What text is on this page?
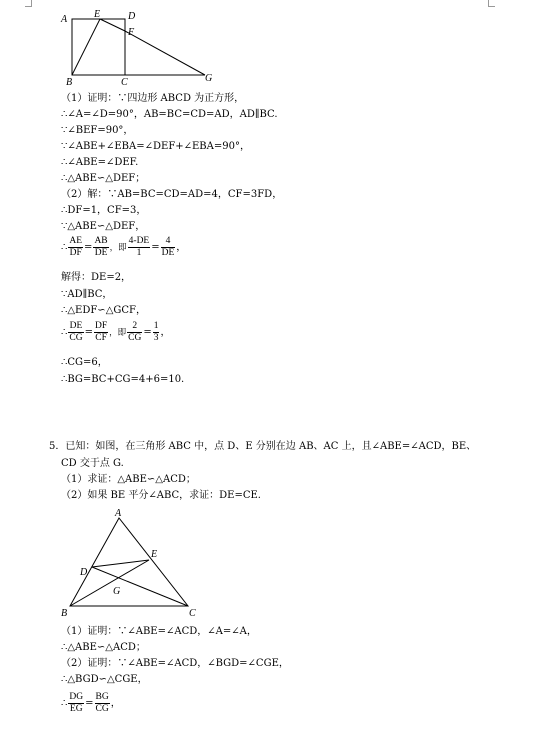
A	E	D
F
B	C	G
（1）证明：∵四边形 ABCD 为正方形，
∴∠A=∠D=90°，AB=BC=CD=AD，AD∥BC.
∵∠BEF=90°，
∵∠ABE+∠EBA=∠DEF+∠EBA=90°，
∴∠ABE=∠DEF.
∴△ABE∽△DEF；
（2）解：∵AB=BC=CD=AD=4，CF=3FD，
∴DF=1，CF=3，
∵△ABE∽△DEF，
∴ $\frac{AE}{DF} = \frac{AB}{DE}$ ，即 $\frac{4-DE}{1} = \frac{4}{DE}$ ，
解得：DE=2，
∵AD∥BC，
∴△EDF∽△GCF，
∴ $\frac{DE}{CG} = \frac{DF}{CF}$ ，即 $\frac{2}{CG} = \frac{1}{3}$ ，
∴CG=6，
∴BG=BC+CG=4+6=10.
5．已知：如图，在三角形 ABC 中，点 D、E 分别在边 AB、AC 上，且∠ABE=∠ACD，BE、
CD 交于点 G.
（1）求证：△ABE∽△ACD；
（2）如果 BE 平分∠ABC，求证：DE=CE.
A
E
D
G
B	C
（1）证明：∵∠ABE=∠ACD，∠A=∠A，
∴△ABE∽△ACD；
（2）证明：∵∠ABE=∠ACD，∠BGD=∠CGE，
∴△BGD∽△CGE，
∴ $\frac{DG}{EG} = \frac{BG}{CG}$ ，
